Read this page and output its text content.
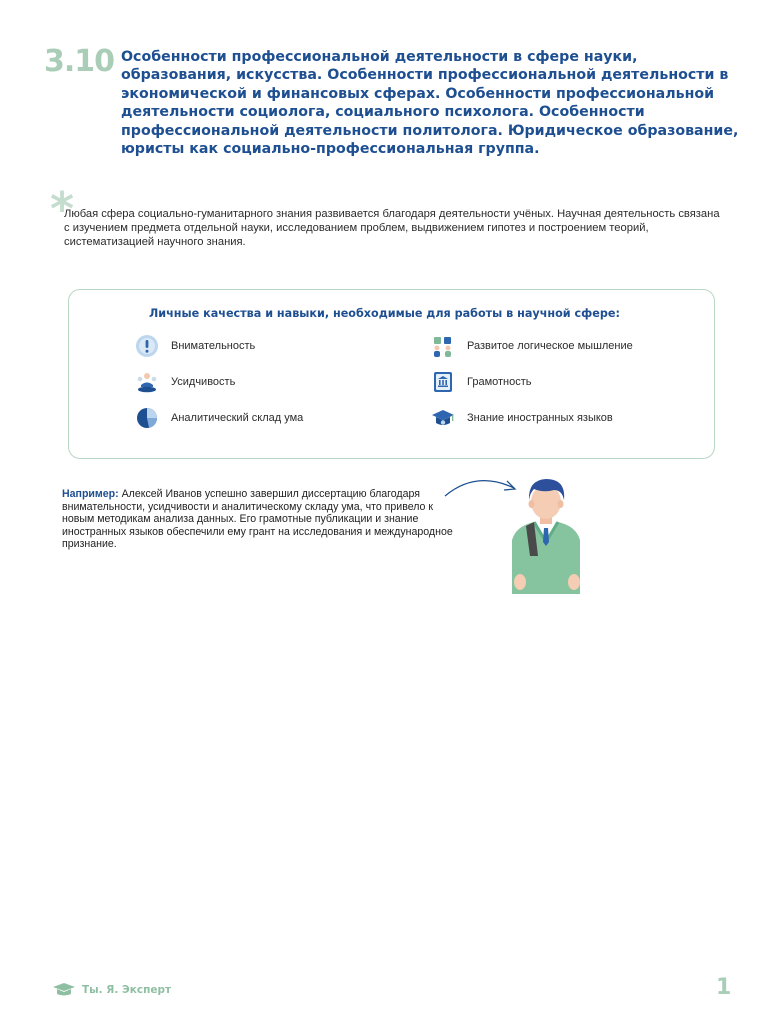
3.10 Особенности профессиональной деятельности в сфере науки, образования, искусства. Особенности профессиональной деятельности в экономической и финансовых сферах. Особенности профессиональной деятельности социолога, социального психолога. Особенности профессиональной деятельности политолога. Юридическое образование, юристы как социально-профессиональная группа.
*

Любая сфера социально-гуманитарного знания развивается благодаря деятельности учёных. Научная деятельность связана с изучением предмета отдельной науки, исследованием проблем, выдвижением гипотез и построением теорий, систематизацией научного знания.

Личные качества и навыки, необходимые для работы в научной сфере:
Внимательность	Развитое логическое мышление
Усидчивость	Грамотность
Аналитический склад ума	Знание иностранных языков

Например: Алексей Иванов успешно завершил диссертацию благодаря внимательности, усидчивости и аналитическому складу ума, что привело к новым методикам анализа данных. Его грамотные публикации и знание иностранных языков обеспечили ему грант на исследования и международное признание.

Ты. Я. Эксперт	1
